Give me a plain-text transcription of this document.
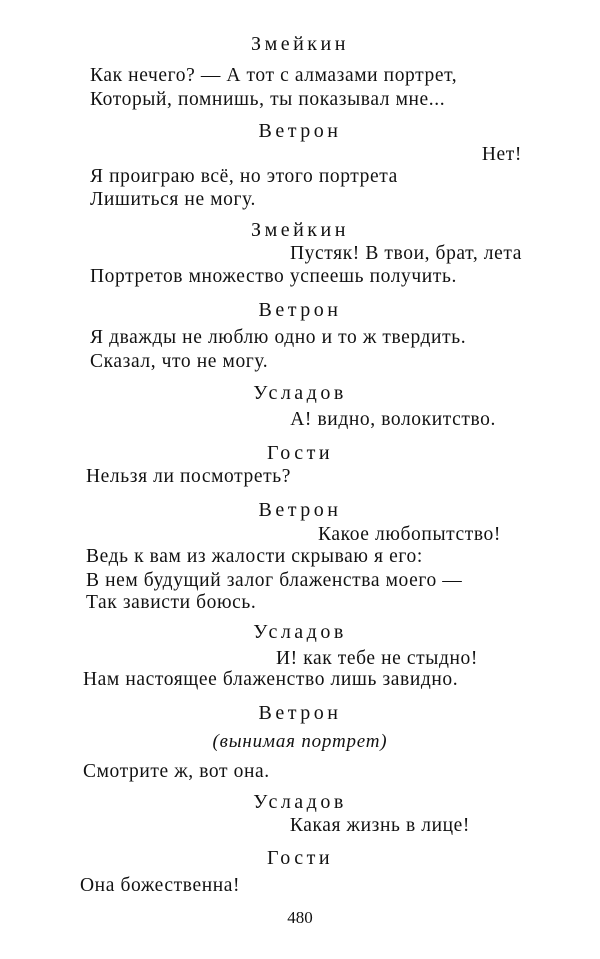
Змейкин
Как нечего? — А тот с алмазами портрет,
Который, помнишь, ты показывал мне...
Ветрон
Нет!
Я проиграю всё, но этого портрета
Лишиться не могу.
Змейкин
Пустяк! В твои, брат, лета
Портретов множество успеешь получить.
Ветрон
Я дважды не люблю одно и то ж твердить.
Сказал, что не могу.
Усладов
А! видно, волокитство.
Гости
Нельзя ли посмотреть?
Ветрон
Какое любопытство!
Ведь к вам из жалости скрываю я его:
В нем будущий залог блаженства моего —
Так зависти боюсь.
Усладов
И! как тебе не стыдно!
Нам настоящее блаженство лишь завидно.
Ветрон
(вынимая портрет)
Смотрите ж, вот она.
Усладов
Какая жизнь в лице!
Гости
Она божественна!
480
